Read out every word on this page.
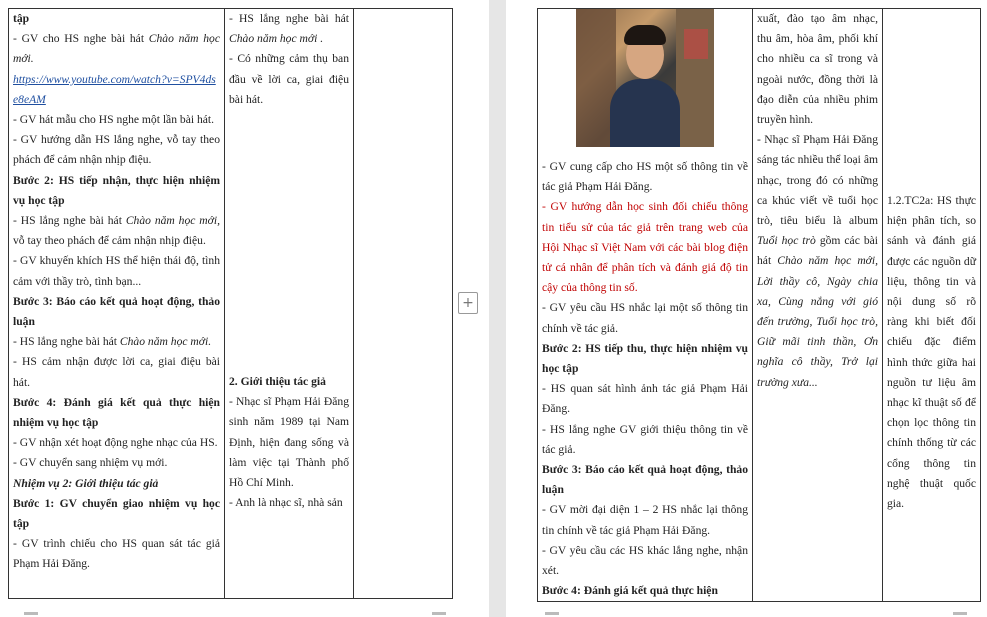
tập
- GV cho HS nghe bài hát Chào năm học mới.
https://www.youtube.com/watch?v=SPV4dse8eAM
- GV hát mẫu cho HS nghe một lần bài hát.
- GV hướng dẫn HS lắng nghe, vỗ tay theo phách để cảm nhận nhịp điệu.
Bước 2: HS tiếp nhận, thực hiện nhiệm vụ học tập
- HS lắng nghe bài hát Chào năm học mới, vỗ tay theo phách để cảm nhận nhịp điệu.
- GV khuyến khích HS thể hiện thái độ, tình cảm với thầy trò, tình bạn...
Bước 3: Báo cáo kết quả hoạt động, thảo luận
- HS lắng nghe bài hát Chào năm học mới.
- HS cảm nhận được lời ca, giai điệu bài hát.
Bước 4: Đánh giá kết quả thực hiện nhiệm vụ học tập
- GV nhận xét hoạt động nghe nhạc của HS.
- GV chuyển sang nhiệm vụ mới.
Nhiệm vụ 2: Giới thiệu tác giả
Bước 1: GV chuyển giao nhiệm vụ học tập
- GV trình chiếu cho HS quan sát tác giả Phạm Hải Đăng.

- HS lắng nghe bài hát Chào năm học mới .
- Có những cảm thụ ban đầu về lời ca, giai điệu bài hát.
2. Giới thiệu tác giả
- Nhạc sĩ Phạm Hải Đăng sinh năm 1989 tại Nam Định, hiện đang sống và làm việc tại Thành phố Hồ Chí Minh.
- Anh là nhạc sĩ, nhà sản

+
- GV cung cấp cho HS một số thông tin về tác giả Phạm Hải Đăng.
- GV hướng dẫn học sinh đối chiếu thông tin tiểu sử của tác giả trên trang web của Hội Nhạc sĩ Việt Nam với các bài blog điện tử cá nhân để phân tích và đánh giá độ tin cậy của thông tin số.
- GV yêu cầu HS nhắc lại một số thông tin chính về tác giả.
Bước 2: HS tiếp thu, thực hiện nhiệm vụ học tập
- HS quan sát hình ảnh tác giả Phạm Hải Đăng.
- HS lắng nghe GV giới thiệu thông tin về tác giả.
Bước 3: Báo cáo kết quả hoạt động, thảo luận
- GV mời đại diện 1 – 2 HS nhắc lại thông tin chính về tác giả Phạm Hải Đăng.
- GV yêu cầu các HS khác lắng nghe, nhận xét.
Bước 4: Đánh giá kết quả thực hiện

xuất, đào tạo âm nhạc, thu âm, hòa âm, phối khí cho nhiều ca sĩ trong và ngoài nước, đồng thời là đạo diễn của nhiều phim truyền hình.
- Nhạc sĩ Phạm Hải Đăng sáng tác nhiều thể loại âm nhạc, trong đó có những ca khúc viết về tuổi học trò, tiêu biểu là album Tuổi học trò gồm các bài hát Chào năm học mới, Lời thầy cô, Ngày chia xa, Cùng nắng với gió đến trường, Tuổi học trò, Giữ mãi tinh thần, Ơn nghĩa cô thầy, Trở lại trường xưa...

1.2.TC2a: HS thực hiện phân tích, so sánh và đánh giá được các nguồn dữ liệu, thông tin và nội dung số rõ ràng khi biết đối chiếu đặc điểm hình thức giữa hai nguồn tư liệu âm nhạc kĩ thuật số để chọn lọc thông tin chính thống từ các cổng thông tin nghệ thuật quốc gia.
